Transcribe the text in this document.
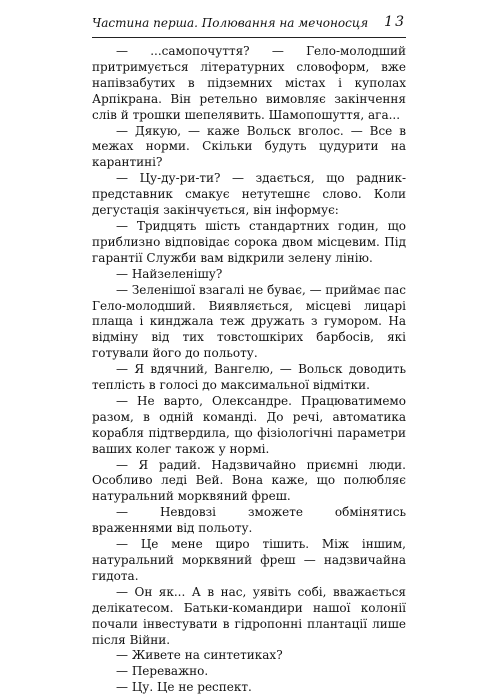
Частина перша. Полювання на мечоносця 13

— ...самопочуття? — Гело-молодший притримується літературних словоформ, вже напівзабутих в підземних містах і куполах Арпікрана. Він ретельно вимовляє закінчення слів й трошки шепелявить. Шамопошуття, ага...

— Дякую, — каже Вольск вголос. — Все в межах норми. Скільки будуть цудурити на карантині?

— Цу-ду-ри-ти? — здається, що радник-представник смакує нетутешнє слово. Коли дегустація закінчується, він інформує:

— Тридцять шість стандартних годин, що приблизно відповідає сорока двом місцевим. Під гарантії Служби вам відкрили зелену лінію.

— Найзеленішу?

— Зеленішої взагалі не буває, — приймає пас Гело-молодший. Виявляється, місцеві лицарі плаща і кинджала теж дружать з гумором. На відміну від тих товстошкірих барбосів, які готували його до польоту.

— Я вдячний, Вангелю, — Вольск доводить теплість в голосі до максимальної відмітки.

— Не варто, Олександре. Працюватимемо разом, в одній команді. До речі, автоматика корабля підтвердила, що фізіологічні параметри ваших колег також у нормі.

— Я радий. Надзвичайно приємні люди. Особливо леді Вей. Вона каже, що полюбляє натуральний морквяний фреш.

— Невдовзі зможете обмінятись враженнями від польоту.

— Це мене щиро тішить. Між іншим, натуральний морквяний фреш — надзвичайна гидота.

— Он як... А в нас, уявіть собі, вважається делікатесом. Батьки-командири нашої колонії почали інвестувати в гідропонні плантації лише після Війни.

— Живете на синтетиках?

— Переважно.

— Цу. Це не респект.
